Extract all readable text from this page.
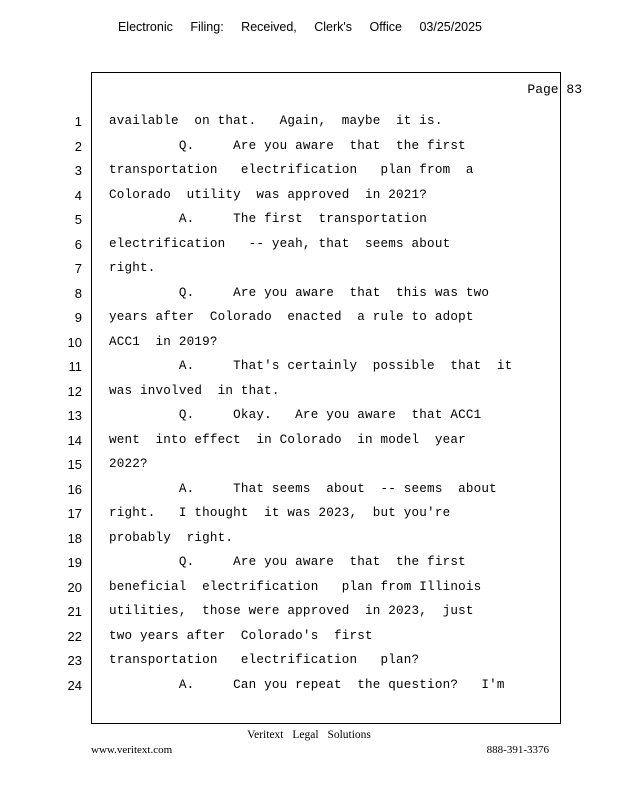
Electronic Filing: Received, Clerk's Office 03/25/2025
Page 83
1
2
3
4
5
6
7
8
9
10
11
12
13
14
15
16
17
18
19
20
21
22
23
24
available  on that.   Again,  maybe  it is.
Q.     Are you aware  that  the first
transportation   electrification   plan from  a
Colorado  utility  was approved  in 2021?
A.     The first  transportation
electrification   -- yeah, that  seems about
right.
Q.     Are you aware  that  this was two
years after  Colorado  enacted  a rule to adopt
ACC1  in 2019?
A.     That's certainly  possible  that  it
was involved  in that.
Q.     Okay.   Are you aware  that ACC1
went  into effect  in Colorado  in model  year
2022?
A.     That seems  about  -- seems  about
right.   I thought  it was 2023,  but you're
probably  right.
Q.     Are you aware  that  the first
beneficial  electrification   plan from Illinois
utilities,  those were approved  in 2023,  just
two years after  Colorado's  first
transportation   electrification   plan?
A.     Can you repeat  the question?   I'm
Veritext Legal Solutions
www.veritext.com	888-391-3376
